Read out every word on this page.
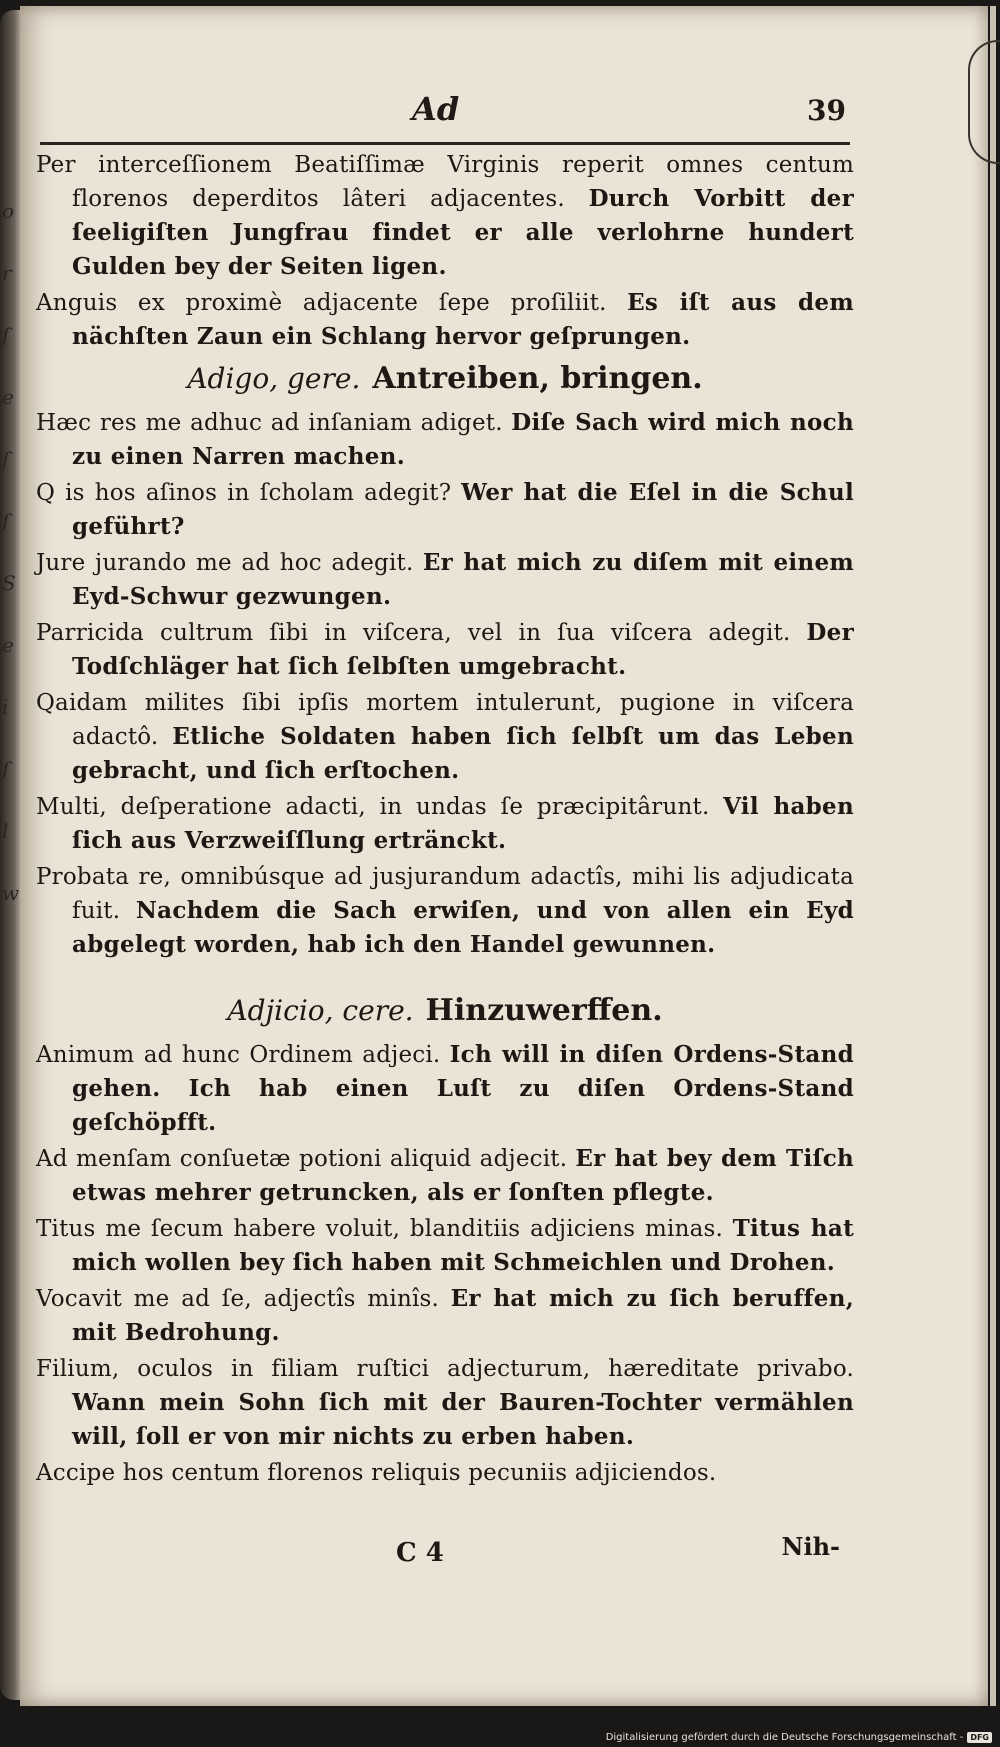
o
r
ſ
e
ſ
ſ
S
e
i
ſ
l
w
Ad	39

Per interceſſionem Beatiſſimæ Virginis reperit omnes centum florenos deperditos lâteri adjacentes. Durch Vorbitt der ſeeligiſten Jungfrau findet er alle verlohrne hundert Gulden bey der Seiten ligen.

Anguis ex proximè adjacente ſepe proſiliit. Es iſt aus dem nächſten Zaun ein Schlang hervor geſprungen.

Adigo, gere. Antreiben, bringen.

Hæc res me adhuc ad inſaniam adiget. Diſe Sach wird mich noch zu einen Narren machen.

Q is hos aſinos in ſcholam adegit? Wer hat die Eſel in die Schul geführt?

Jure jurando me ad hoc adegit. Er hat mich zu diſem mit einem Eyd-Schwur gezwungen.

Parricida cultrum ſibi in viſcera, vel in ſua viſcera adegit. Der Todſchläger hat ſich ſelbſten umgebracht.

Qaidam milites ſibi ipſis mortem intulerunt, pugione in viſcera adactô. Etliche Soldaten haben ſich ſelbſt um das Leben gebracht, und ſich erſtochen.

Multi, deſperatione adacti, in undas ſe præcipitârunt. Vil haben ſich aus Verzweiſſlung ertränckt.

Probata re, omnibúsque ad jusjurandum adactîs, mihi lis adjudicata fuit. Nachdem die Sach erwiſen, und von allen ein Eyd abgelegt worden, hab ich den Handel gewunnen.

Adjicio, cere. Hinzuwerffen.

Animum ad hunc Ordinem adjeci. Ich will in diſen Ordens-Stand gehen. Ich hab einen Luſt zu diſen Ordens-Stand geſchöpfft.

Ad menſam conſuetæ potioni aliquid adjecit. Er hat bey dem Tiſch etwas mehrer getruncken, als er ſonſten pflegte.

Titus me ſecum habere voluit, blanditiis adjiciens minas. Titus hat mich wollen bey ſich haben mit Schmeichlen und Drohen.

Vocavit me ad ſe, adjectîs minîs. Er hat mich zu ſich beruffen, mit Bedrohung.

Filium, oculos in filiam ruſtici adjecturum, hæreditate privabo. Wann mein Sohn ſich mit der Bauren-Tochter vermählen will, ſoll er von mir nichts zu erben haben.

Accipe hos centum florenos reliquis pecuniis adjiciendos.

C 4	Nih-
Digitalisierung gefördert durch die Deutsche Forschungsgemeinschaft - DFG
